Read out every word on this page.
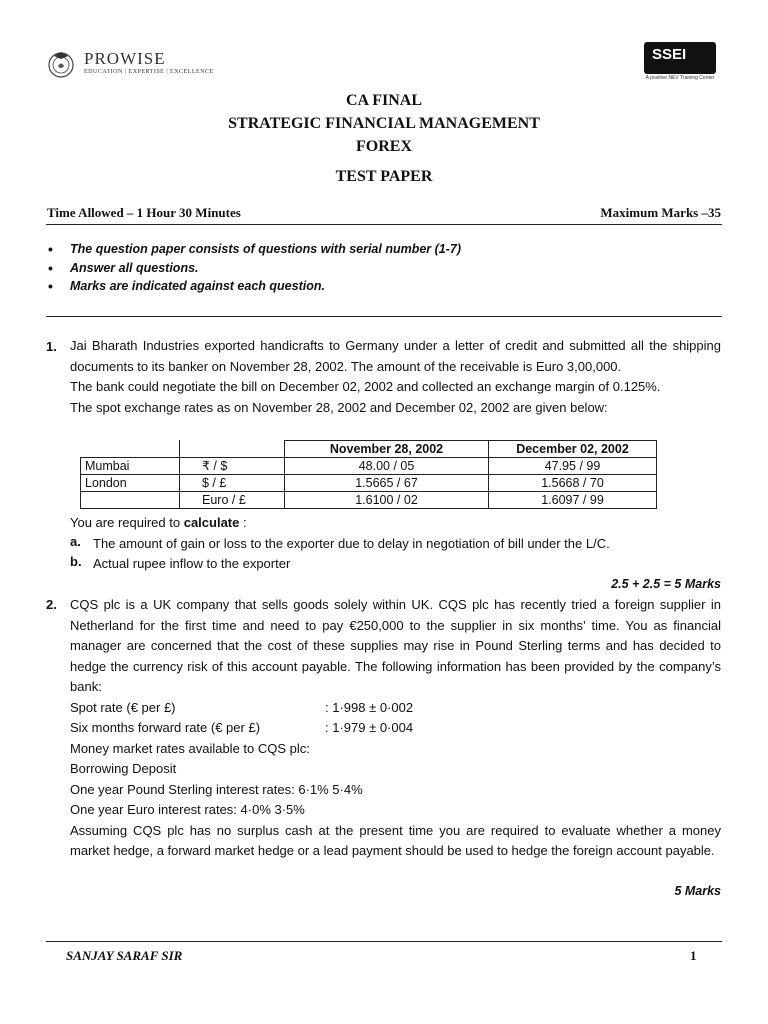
PROWISE
EDUCATION | EXPERTISE | EXCELLENCE
SSEI
A positive NEV Training Center
CA FINAL
STRATEGIC FINANCIAL MANAGEMENT
FOREX
TEST PAPER
Time Allowed – 1 Hour 30 Minutes	Maximum Marks –35
• The question paper consists of questions with serial number (1-7)
• Answer all questions.
• Marks are indicated against each question.
1. Jai Bharath Industries exported handicrafts to Germany under a letter of credit and submitted all the shipping documents to its banker on November 28, 2002. The amount of the receivable is Euro 3,00,000.

The bank could negotiate the bill on December 02, 2002 and collected an exchange margin of 0.125%.

The spot exchange rates as on November 28, 2002 and December 02, 2002 are given below:

		November 28, 2002	December 02, 2002
Mumbai	₹ / $	48.00 / 05	47.95 / 99
London	$ / £	1.5665 / 67	1.5668 / 70
	Euro / £	1.6100 / 02	1.6097 / 99
You are required to calculate :
a. The amount of gain or loss to the exporter due to delay in negotiation of bill under the L/C.
b. Actual rupee inflow to the exporter
2.5 + 2.5 = 5 Marks
2. CQS plc is a UK company that sells goods solely within UK. CQS plc has recently tried a foreign supplier in Netherland for the first time and need to pay €250,000 to the supplier in six months’ time. You as financial manager are concerned that the cost of these supplies may rise in Pound Sterling terms and has decided to hedge the currency risk of this account payable. The following information has been provided by the company’s bank:

Spot rate (€ per £)	: 1·998 ± 0·002

Six months forward rate (€ per £)	: 1·979 ± 0·004

Money market rates available to CQS plc:

Borrowing Deposit

One year Pound Sterling interest rates: 6·1% 5·4%

One year Euro interest rates: 4·0% 3·5%

Assuming CQS plc has no surplus cash at the present time you are required to evaluate whether a money market hedge, a forward market hedge or a lead payment should be used to hedge the foreign account payable.

5 Marks
SANJAY SARAF SIR	1
